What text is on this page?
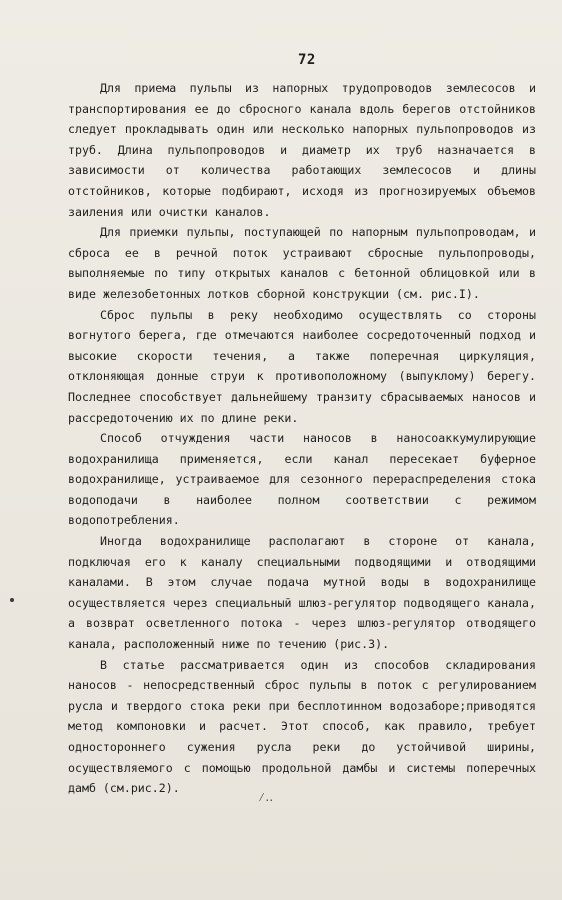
72

Для приема пульпы из напорных трудопроводов землесосов и транспортирования ее до сбросного канала вдоль берегов отстойников следует прокладывать один или несколько напорных пульпопроводов из труб. Длина пульпопроводов и диаметр их труб назначается в зависимости от количества работающих землесосов и длины отстойников, которые подбирают, исходя из прогнозируемых объемов заиления или очистки каналов.

Для приемки пульпы, поступающей по напорным пульпопроводам, и сброса ее в речной поток устраивают сбросные пульпопроводы, выполняемые по типу открытых каналов с бетонной облицовкой или в виде железобетонных лотков сборной конструкции (см. рис.I).

Сброс пульпы в реку необходимо осуществлять со стороны вогнутого берега, где отмечаются наиболее сосредоточенный подход и высокие скорости течения, а также поперечная циркуляция, отклоняющая донные струи к противоположному (выпуклому) берегу. Последнее способствует дальнейшему транзиту сбрасываемых наносов и рассредоточению их по длине реки.

Способ отчуждения части наносов в наносоаккумулирующие водохранилища применяется, если канал пересекает буферное водохранилище, устраиваемое для сезонного перераспределения стока водоподачи в наиболее полном соответствии с режимом водопотребления.

Иногда водохранилище располагают в стороне от канала, подключая его к каналу специальными подводящими и отводящими каналами. В этом случае подача мутной воды в водохранилище осуществляется через специальный шлюз-регулятор подводящего канала, а возврат осветленного потока - через шлюз-регулятор отводящего канала, расположенный ниже по течению (рис.3).

В статье рассматривается один из способов складирования наносов - непосредственный сброс пульпы в поток с регулированием русла и твердого стока реки при бесплотинном водозаборе;приводятся метод компоновки и расчет. Этот способ, как правило, требует одностороннего сужения русла реки до устойчивой ширины, осуществляемого с помощью продольной дамбы и системы поперечных дамб (см.рис.2).

⁄‥
